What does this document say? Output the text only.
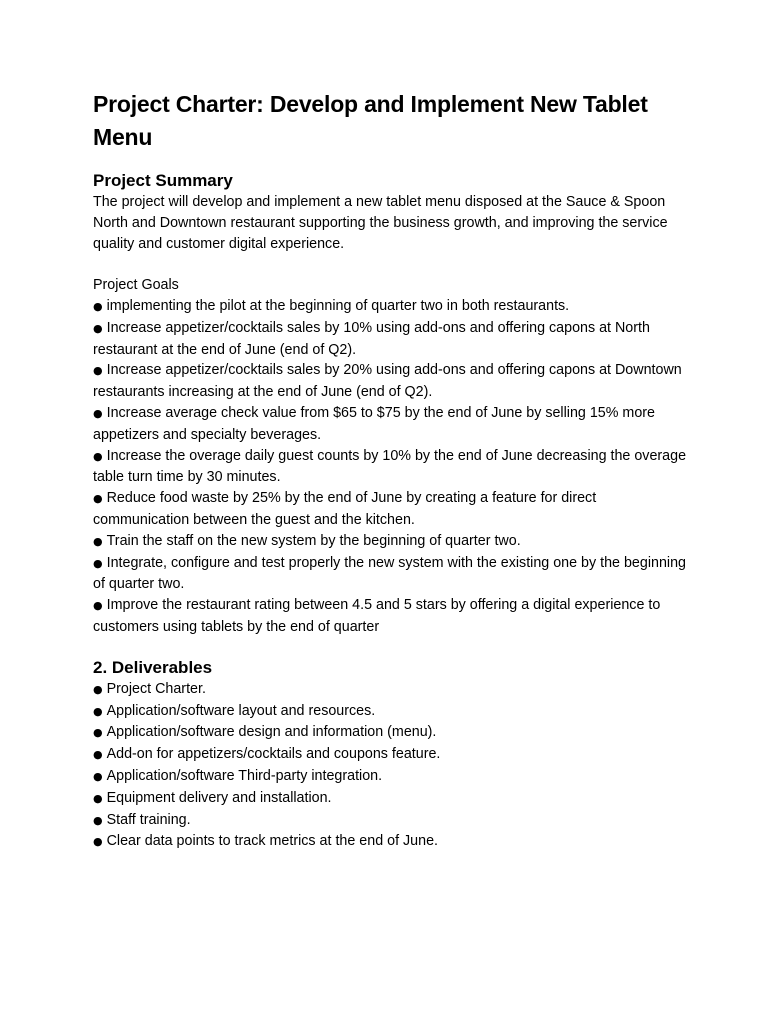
Project Charter: Develop and Implement New Tablet Menu
Project Summary

The project will develop and implement a new tablet menu disposed at the Sauce & Spoon North and Downtown restaurant supporting the business growth, and improving the service quality and customer digital experience.

Project Goals

● implementing the pilot at the beginning of quarter two in both restaurants.
● Increase appetizer/cocktails sales by 10% using add-ons and offering capons at North restaurant at the end of June (end of Q2).
● Increase appetizer/cocktails sales by 20% using add-ons and offering capons at Downtown restaurants increasing at the end of June (end of Q2).
● Increase average check value from $65 to $75 by the end of June by selling 15% more appetizers and specialty beverages.
● Increase the overage daily guest counts by 10% by the end of June decreasing the overage table turn time by 30 minutes.
● Reduce food waste by 25% by the end of June by creating a feature for direct communication between the guest and the kitchen.
● Train the staff on the new system by the beginning of quarter two.
● Integrate, configure and test properly the new system with the existing one by the beginning of quarter two.
● Improve the restaurant rating between 4.5 and 5 stars by offering a digital experience to customers using tablets by the end of quarter
2. Deliverables
● Project Charter.
● Application/software layout and resources.
● Application/software design and information (menu).
● Add-on for appetizers/cocktails and coupons feature.
● Application/software Third-party integration.
● Equipment delivery and installation.
● Staff training.
● Clear data points to track metrics at the end of June.
